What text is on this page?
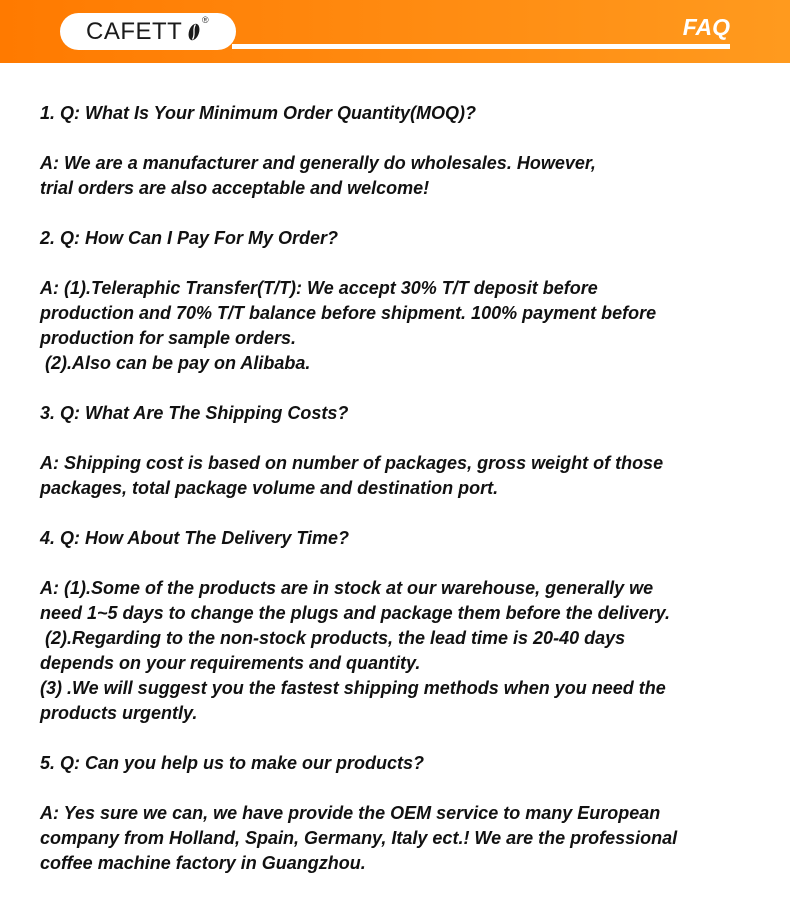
CAFETT ®	FAQ
1. Q: What Is Your Minimum Order Quantity(MOQ)?
A: We are a manufacturer and generally do wholesales. However,
trial orders are also acceptable and welcome!
2. Q: How Can I Pay For My Order?
A: (1).Teleraphic Transfer(T/T): We accept 30% T/T deposit before
production and 70% T/T balance before shipment. 100% payment before
production for sample orders.
(2).Also can be pay on Alibaba.
3. Q: What Are The Shipping Costs?
A: Shipping cost is based on number of packages, gross weight of those
packages, total package volume and destination port.
4. Q: How About The Delivery Time?
A: (1).Some of the products are in stock at our warehouse, generally we
need 1~5 days to change the plugs and package them before the delivery.
(2).Regarding to the non-stock products, the lead time is 20-40 days
depends on your requirements and quantity.
(3) .We will suggest you the fastest shipping methods when you need the
products urgently.
5. Q: Can you help us to make our products?
A: Yes sure we can, we have provide the OEM service to many European
company from Holland, Spain, Germany, Italy ect.! We are the professional
coffee machine factory in Guangzhou.
